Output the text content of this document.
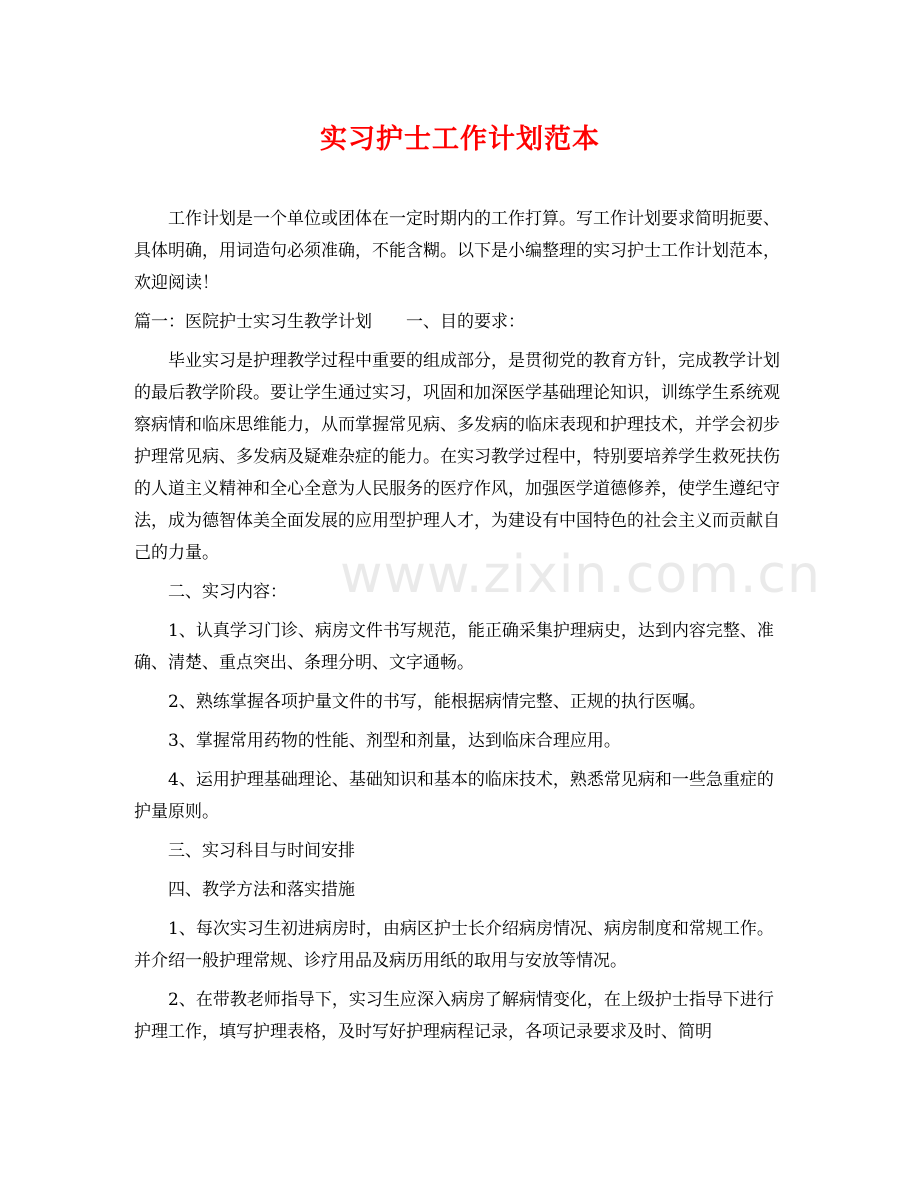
实习护士工作计划范本
www.zixin.com.cn

工作计划是一个单位或团体在一定时期内的工作打算。写工作计划要求简明扼要、具体明确，用词造句必须准确，不能含糊。以下是小编整理的实习护士工作计划范本，欢迎阅读！

篇一：医院护士实习生教学计划　　一、目的要求：

毕业实习是护理教学过程中重要的组成部分，是贯彻党的教育方针，完成教学计划的最后教学阶段。要让学生通过实习，巩固和加深医学基础理论知识，训练学生系统观察病情和临床思维能力，从而掌握常见病、多发病的临床表现和护理技术，并学会初步护理常见病、多发病及疑难杂症的能力。在实习教学过程中，特别要培养学生救死扶伤的人道主义精神和全心全意为人民服务的医疗作风，加强医学道德修养，使学生遵纪守法，成为德智体美全面发展的应用型护理人才，为建设有中国特色的社会主义而贡献自己的力量。

二、实习内容：

1、认真学习门诊、病房文件书写规范，能正确采集护理病史，达到内容完整、准确、清楚、重点突出、条理分明、文字通畅。

2、熟练掌握各项护量文件的书写，能根据病情完整、正规的执行医嘱。

3、掌握常用药物的性能、剂型和剂量，达到临床合理应用。

4、运用护理基础理论、基础知识和基本的临床技术，熟悉常见病和一些急重症的护量原则。

三、实习科目与时间安排

四、教学方法和落实措施

1、每次实习生初进病房时，由病区护士长介绍病房情况、病房制度和常规工作。并介绍一般护理常规、诊疗用品及病历用纸的取用与安放等情况。

2、在带教老师指导下，实习生应深入病房了解病情变化，在上级护士指导下进行护理工作，填写护理表格，及时写好护理病程记录，各项记录要求及时、简明
